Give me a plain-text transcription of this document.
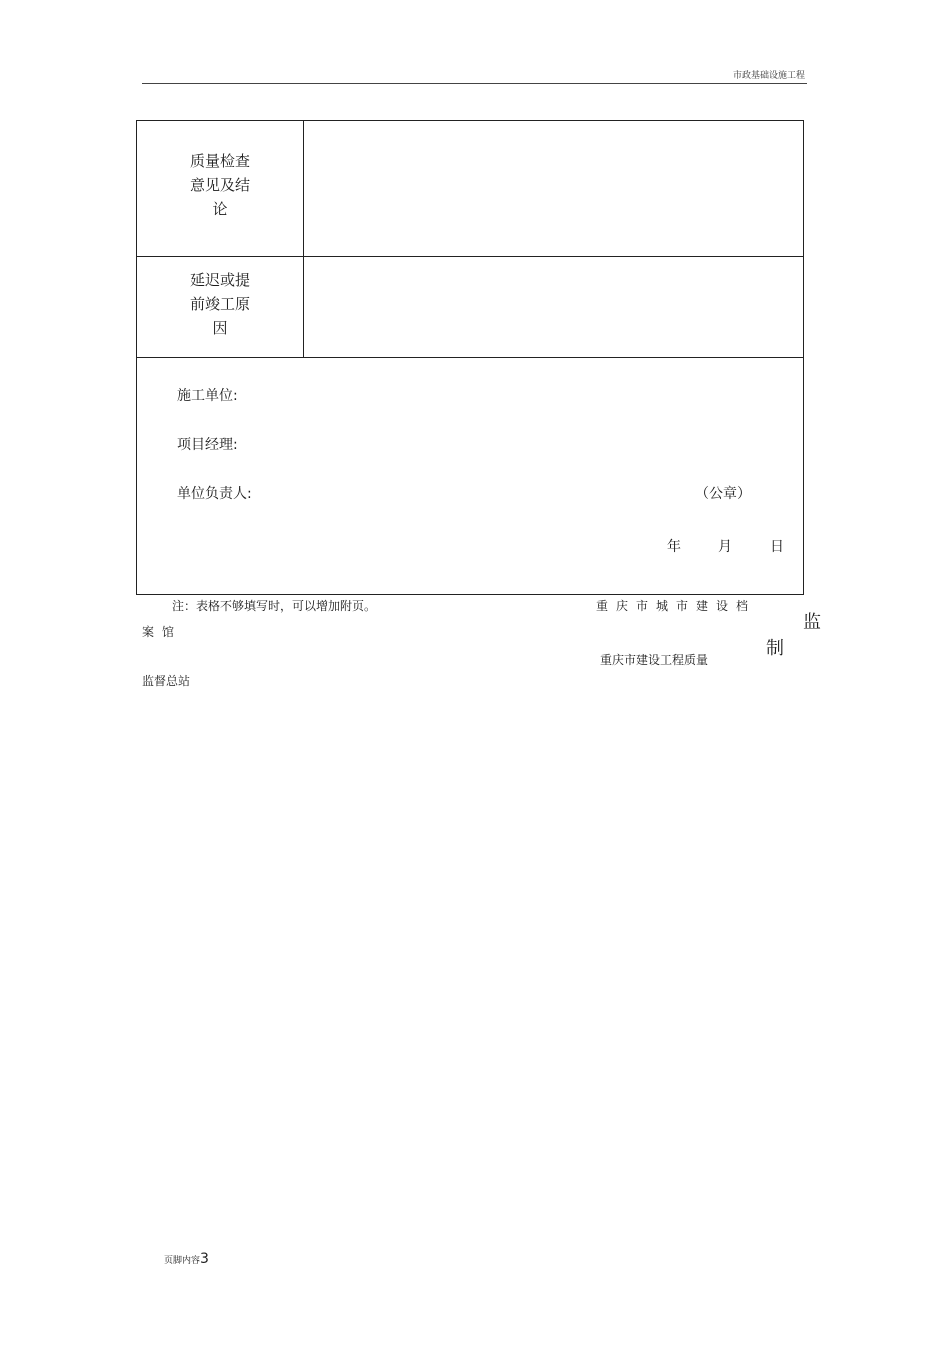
市政基础设施工程
质量检查
意见及结
论
延迟或提
前竣工原
因
施工单位:
项目经理:
单位负责人:	（公章）
年	月	日
注：表格不够填写时，可以增加附页。	重庆市城市建设档
案馆	监
制
重庆市建设工程质量
监督总站
页脚内容3
